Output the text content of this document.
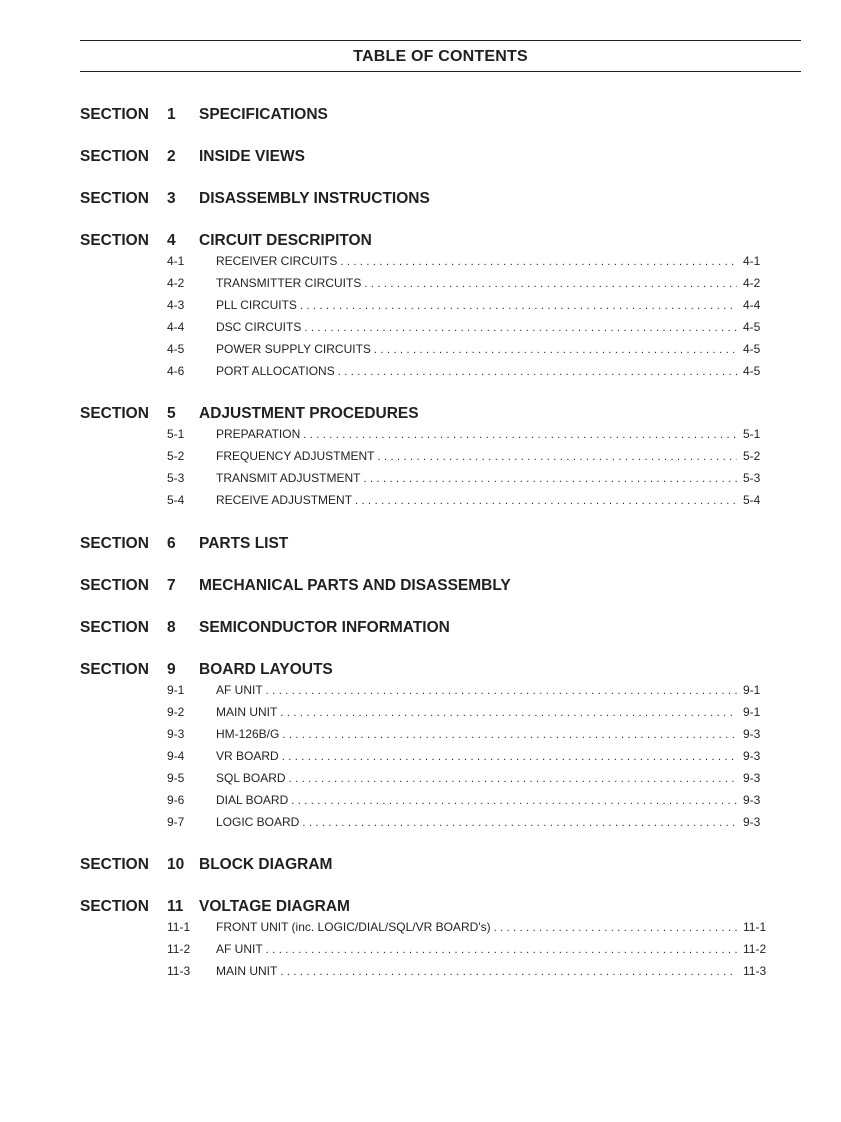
TABLE OF CONTENTS
SECTION 1 SPECIFICATIONS
SECTION 2 INSIDE VIEWS
SECTION 3 DISASSEMBLY INSTRUCTIONS
SECTION 4 CIRCUIT DESCRIPITON
4-1	RECEIVER CIRCUITS . . .	4-1
4-2	TRANSMITTER CIRCUITS . . .	4-2
4-3	PLL CIRCUITS . . .	4-4
4-4	DSC CIRCUITS . . .	4-5
4-5	POWER SUPPLY CIRCUITS . . .	4-5
4-6	PORT ALLOCATIONS . . .	4-5
SECTION 5 ADJUSTMENT PROCEDURES
5-1	PREPARATION . . .	5-1
5-2	FREQUENCY ADJUSTMENT . . .	5-2
5-3	TRANSMIT ADJUSTMENT . . .	5-3
5-4	RECEIVE ADJUSTMENT . . .	5-4
SECTION 6 PARTS LIST
SECTION 7 MECHANICAL PARTS AND DISASSEMBLY
SECTION 8 SEMICONDUCTOR INFORMATION
SECTION 9 BOARD LAYOUTS
9-1	AF UNIT . . .	9-1
9-2	MAIN UNIT . . .	9-1
9-3	HM-126B/G . . .	9-3
9-4	VR BOARD . . .	9-3
9-5	SQL BOARD . . .	9-3
9-6	DIAL BOARD . . .	9-3
9-7	LOGIC BOARD . . .	9-3
SECTION 10 BLOCK DIAGRAM
SECTION 11 VOLTAGE DIAGRAM
11-1 FRONT UNIT (inc. LOGIC/DIAL/SQL/VR BOARD's) . . .	11-1
11-2 AF UNIT . . .	11-2
11-3 MAIN UNIT . . .	11-3
